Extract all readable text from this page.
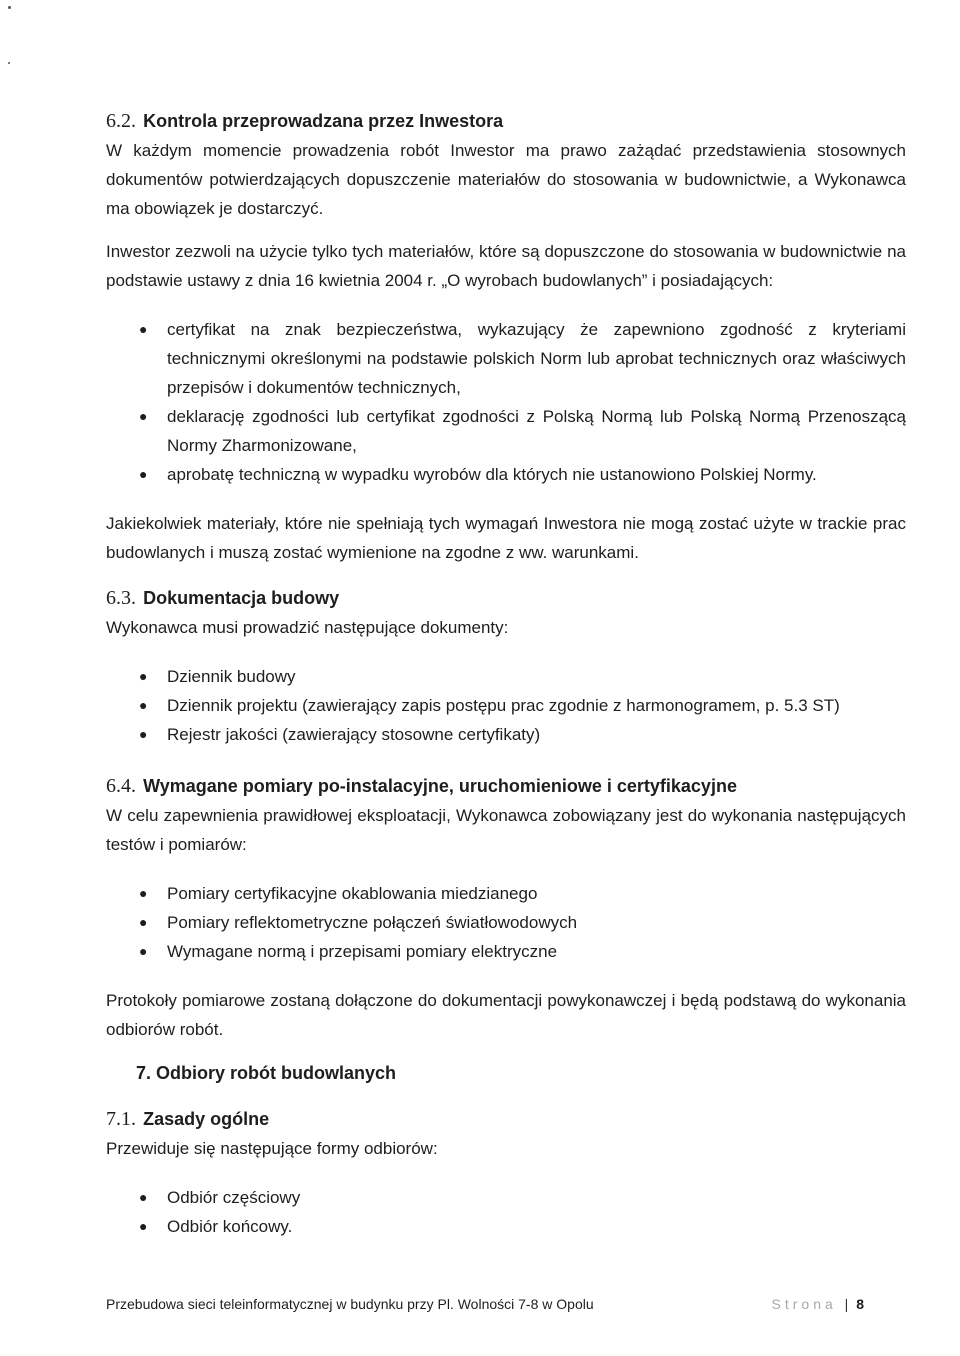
6.2. Kontrola przeprowadzana przez Inwestora

W każdym momencie prowadzenia robót Inwestor ma prawo zażądać przedstawienia stosownych dokumentów potwierdzających dopuszczenie materiałów do stosowania w budownictwie, a Wykonawca ma obowiązek je dostarczyć.

Inwestor zezwoli na użycie tylko tych materiałów, które są dopuszczone do stosowania w budownictwie na podstawie ustawy z dnia 16 kwietnia 2004 r. „O wyrobach budowlanych” i posiadających:

● certyfikat na znak bezpieczeństwa, wykazujący że zapewniono zgodność z kryteriami technicznymi określonymi na podstawie polskich Norm lub aprobat technicznych oraz właściwych przepisów i dokumentów technicznych,
● deklarację zgodności lub certyfikat zgodności z Polską Normą lub Polską Normą Przenoszącą Normy Zharmonizowane,
● aprobatę techniczną w wypadku wyrobów dla których nie ustanowiono Polskiej Normy.

Jakiekolwiek materiały, które nie spełniają tych wymagań Inwestora nie mogą zostać użyte w trackie prac budowlanych i muszą zostać wymienione na zgodne z ww. warunkami.

6.3. Dokumentacja budowy

Wykonawca musi prowadzić następujące dokumenty:

● Dziennik budowy
● Dziennik projektu (zawierający zapis postępu prac zgodnie z harmonogramem, p. 5.3 ST)
● Rejestr jakości (zawierający stosowne certyfikaty)
6.4. Wymagane pomiary po-instalacyjne, uruchomieniowe i certyfikacyjne

W celu zapewnienia prawidłowej eksploatacji, Wykonawca zobowiązany jest do wykonania następujących testów i pomiarów:

● Pomiary certyfikacyjne okablowania miedzianego
● Pomiary reflektometryczne połączeń światłowodowych
● Wymagane normą i przepisami pomiary elektryczne

Protokoły pomiarowe zostaną dołączone do dokumentacji powykonawczej i będą podstawą do wykonania odbiorów robót.

7. Odbiory robót budowlanych
7.1. Zasady ogólne

Przewiduje się następujące formy odbiorów:

● Odbiór częściowy
● Odbiór końcowy.
Przebudowa sieci teleinformatycznej w budynku przy Pl. Wolności 7-8 w Opolu	Strona | 8
